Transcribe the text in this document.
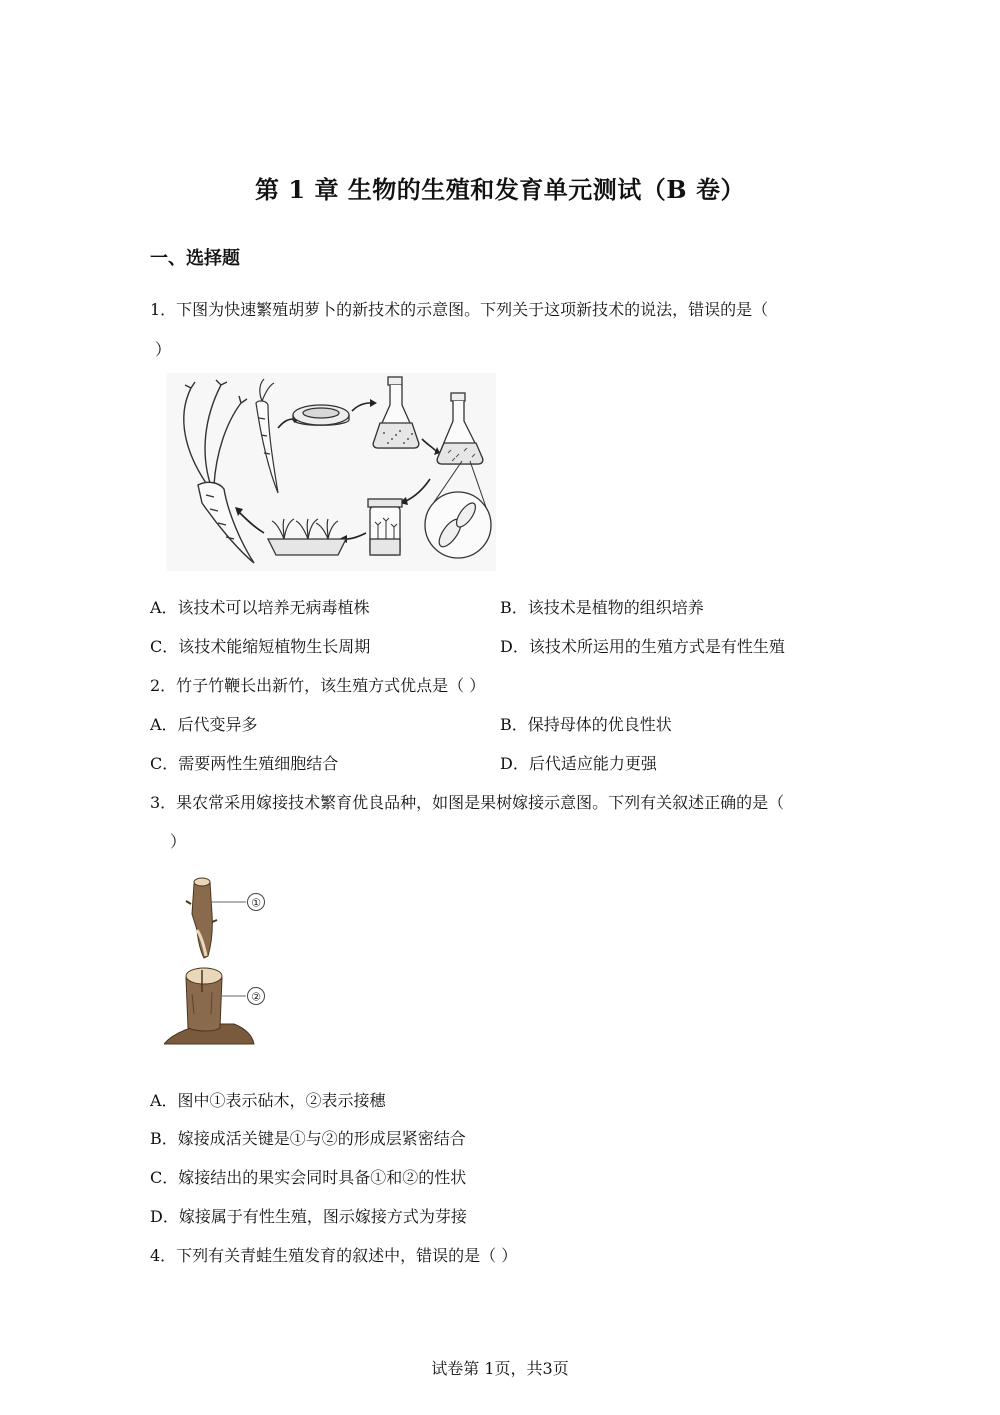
第 1 章 生物的生殖和发育单元测试（B 卷）
一、选择题
1．下图为快速繁殖胡萝卜的新技术的示意图。下列关于这项新技术的说法，错误的是（
）
A．该技术可以培养无病毒植株	B．该技术是植物的组织培养
C．该技术能缩短植物生长周期	D．该技术所运用的生殖方式是有性生殖
2．竹子竹鞭长出新竹，该生殖方式优点是（ ）
A．后代变异多	B．保持母体的优良性状
C．需要两性生殖细胞结合	D．后代适应能力更强
3．果农常采用嫁接技术繁育优良品种，如图是果树嫁接示意图。下列有关叙述正确的是（
）
①
②
A．图中①表示砧木，②表示接穗
B．嫁接成活关键是①与②的形成层紧密结合
C．嫁接结出的果实会同时具备①和②的性状
D．嫁接属于有性生殖，图示嫁接方式为芽接
4．下列有关青蛙生殖发育的叙述中，错误的是（ ）
试卷第 1页，共3页
